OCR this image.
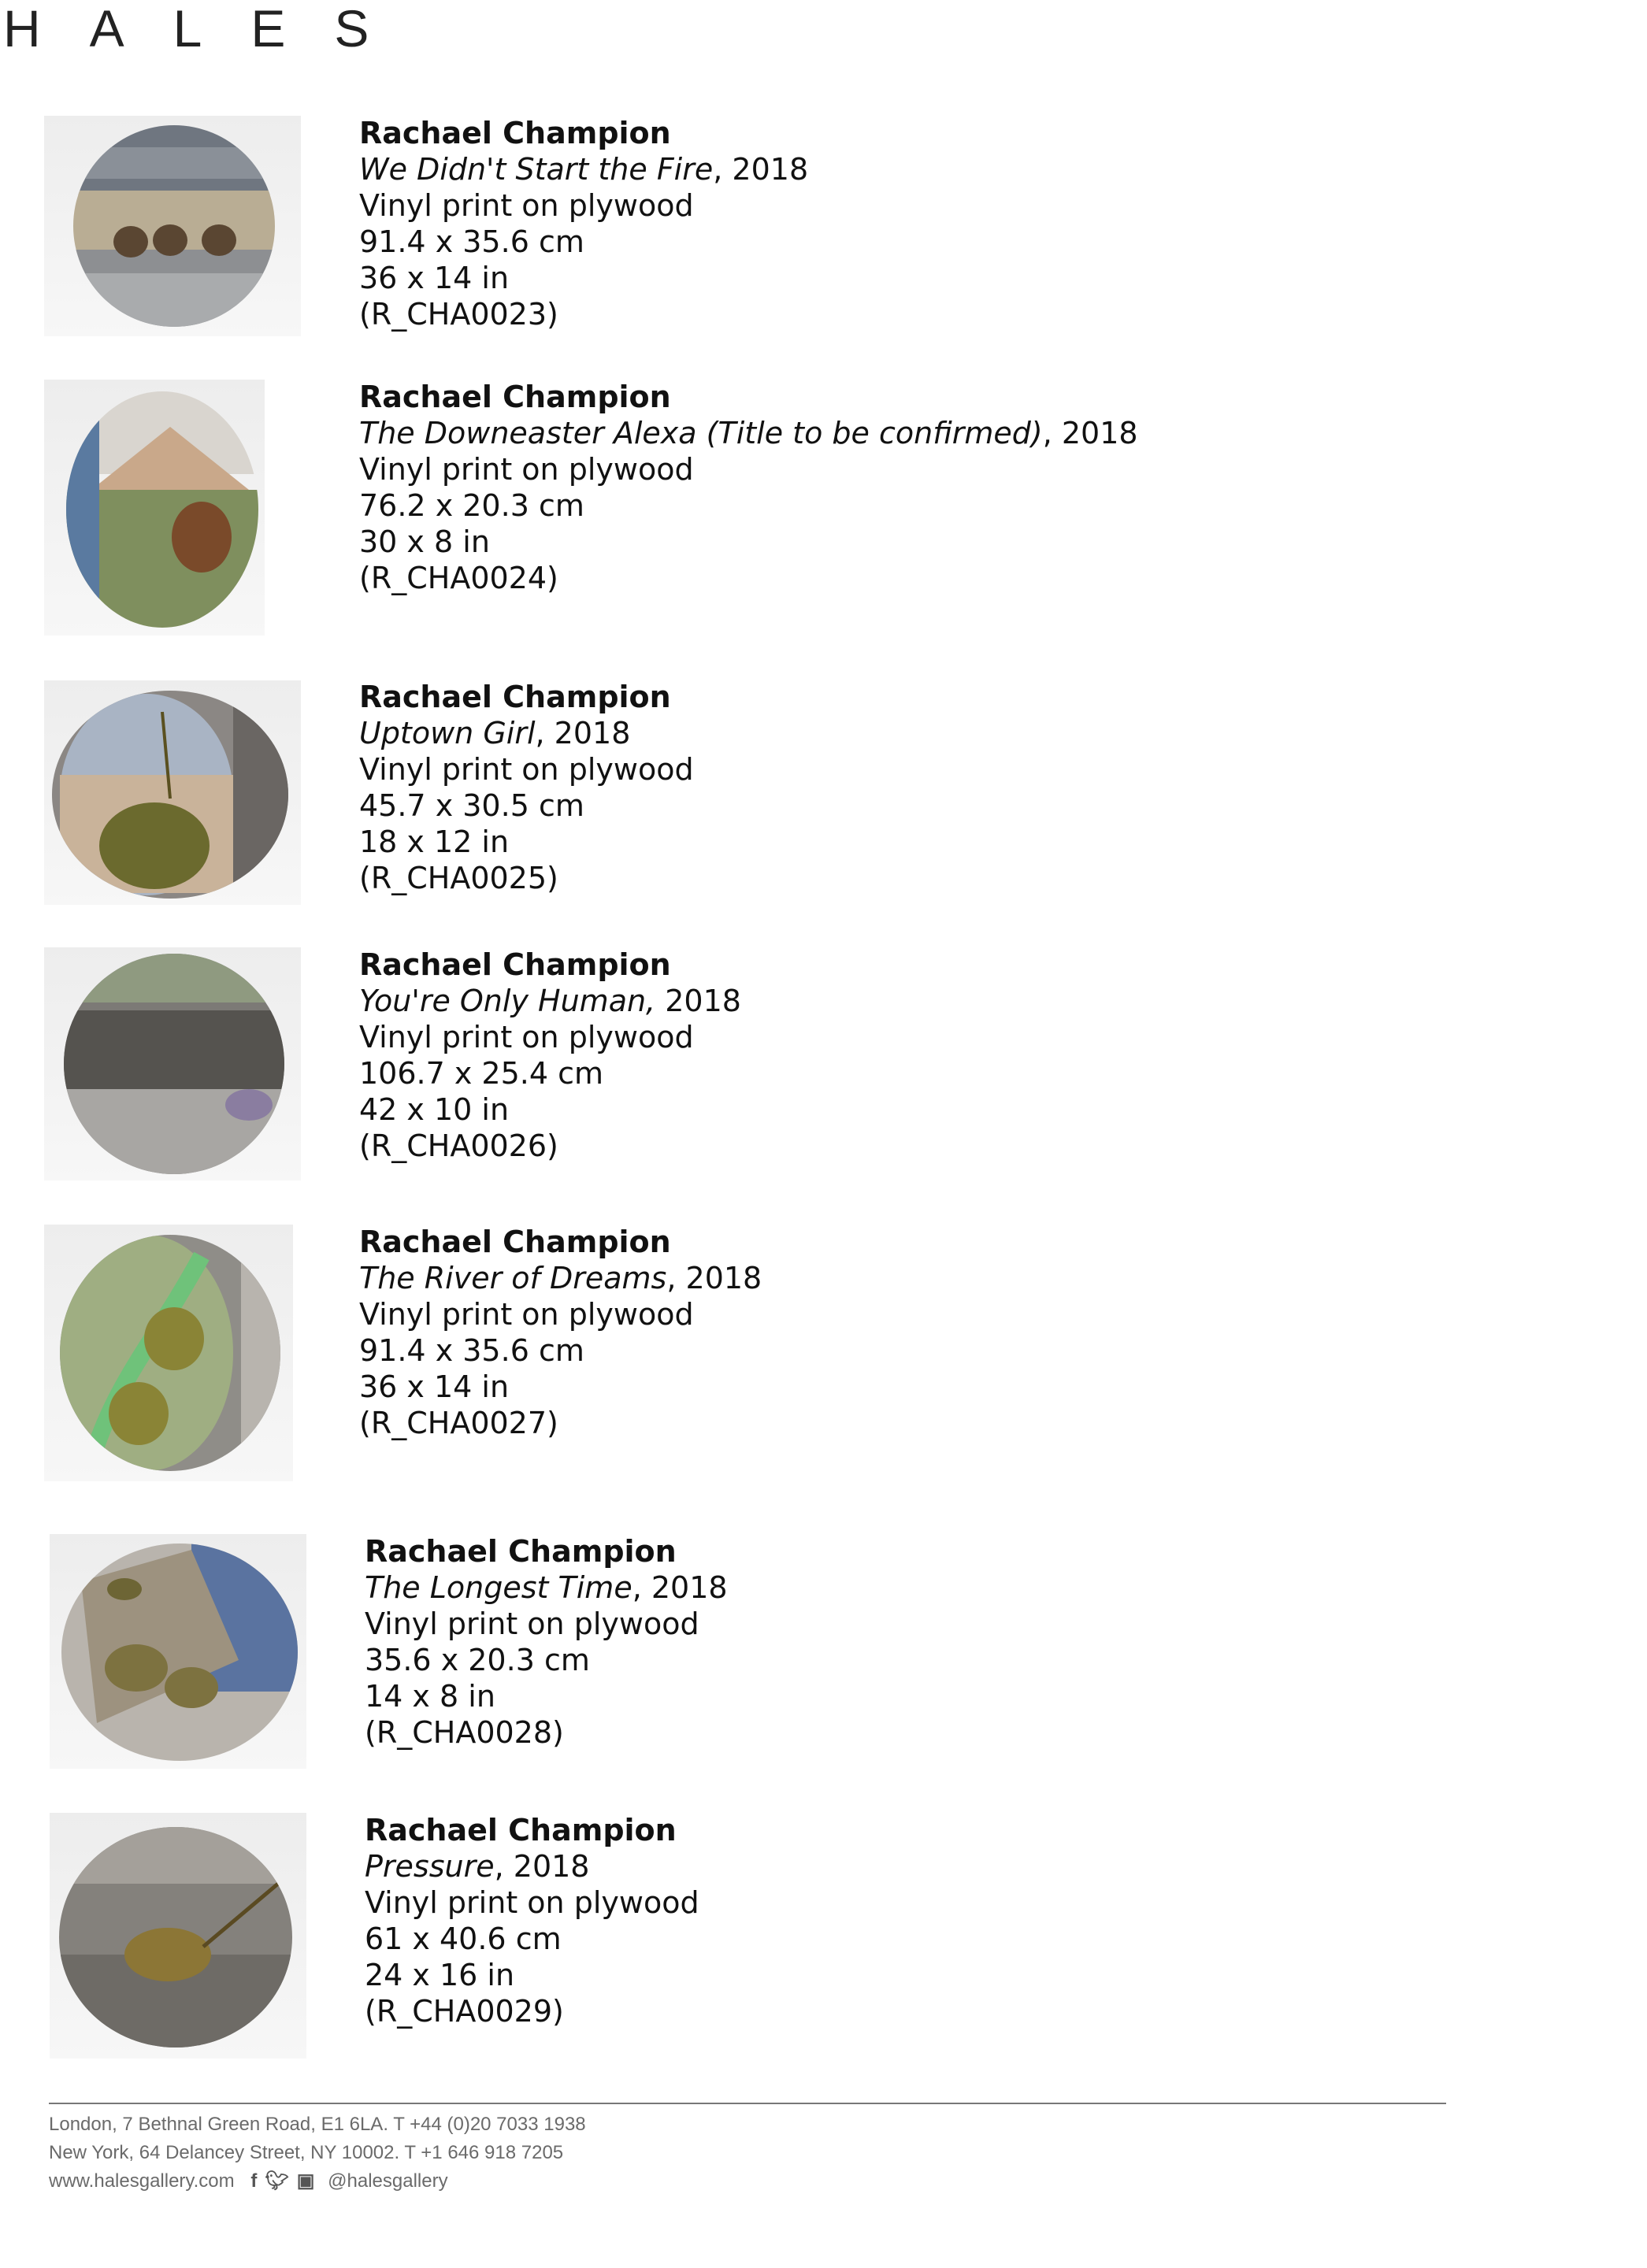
HALES
Rachael Champion
We Didn't Start the Fire, 2018
Vinyl print on plywood
91.4 x 35.6 cm
36 x 14 in
(R_CHA0023)
Rachael Champion
The Downeaster Alexa (Title to be confirmed), 2018
Vinyl print on plywood
76.2 x 20.3 cm
30 x 8 in
(R_CHA0024)
Rachael Champion
Uptown Girl, 2018
Vinyl print on plywood
45.7 x 30.5 cm
18 x 12 in
(R_CHA0025)
Rachael Champion
You're Only Human, 2018
Vinyl print on plywood
106.7 x 25.4 cm
42 x 10 in
(R_CHA0026)
Rachael Champion
The River of Dreams, 2018
Vinyl print on plywood
91.4 x 35.6 cm
36 x 14 in
(R_CHA0027)
Rachael Champion
The Longest Time, 2018
Vinyl print on plywood
35.6 x 20.3 cm
14 x 8 in
(R_CHA0028)
Rachael Champion
Pressure, 2018
Vinyl print on plywood
61 x 40.6 cm
24 x 16 in
(R_CHA0029)
London, 7 Bethnal Green Road, E1 6LA. T +44 (0)20 7033 1938
New York, 64 Delancey Street, NY 10002. T +1 646 918 7205
www.halesgallery.com f 🐦︎ ▣ @halesgallery
